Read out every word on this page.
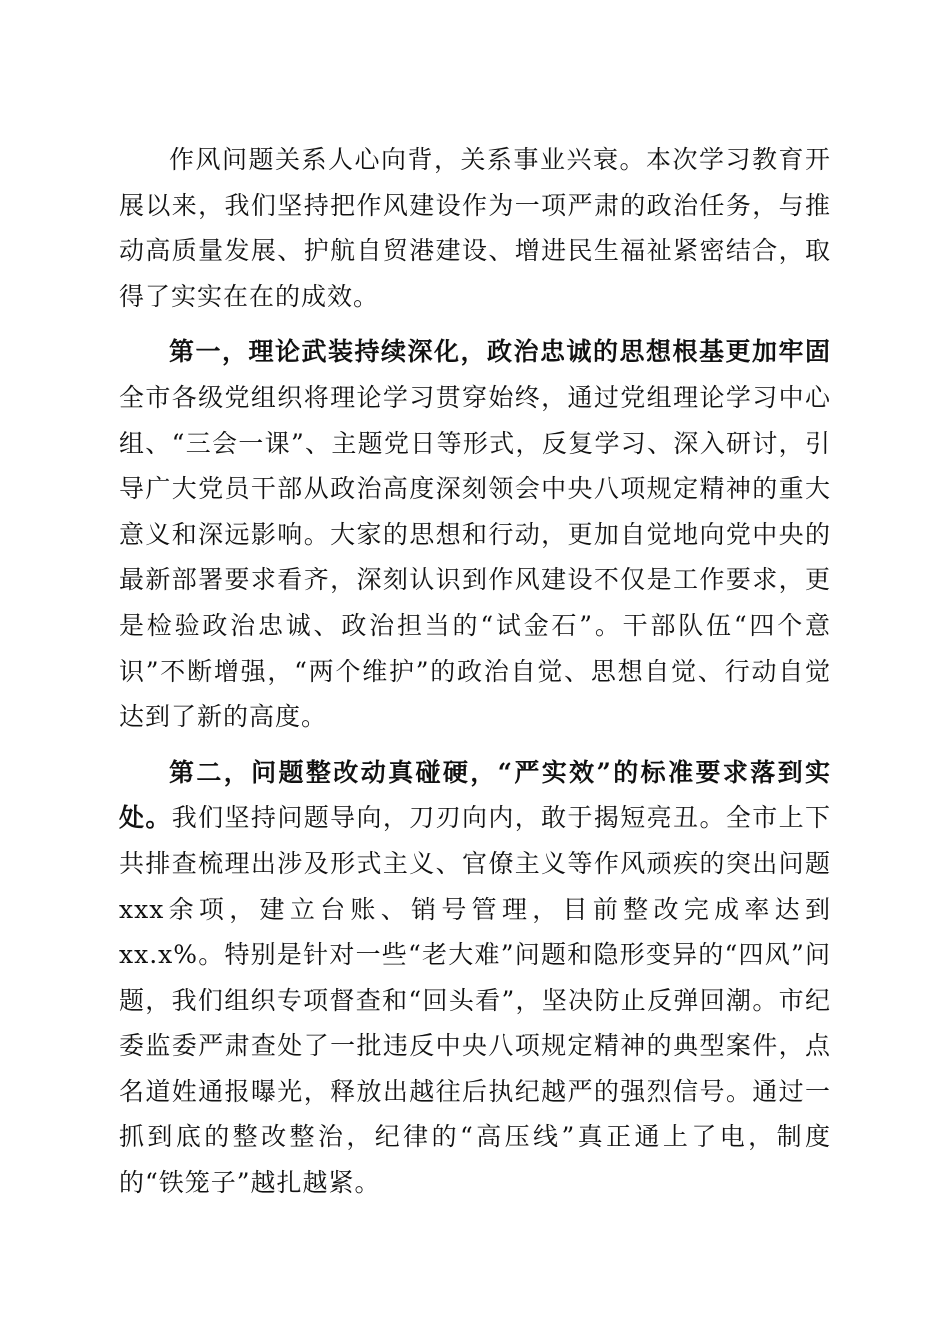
作风问题关系人心向背，关系事业兴衰。本次学习教育开展以来，我们坚持把作风建设作为一项严肃的政治任务，与推动高质量发展、护航自贸港建设、增进民生福祉紧密结合，取得了实实在在的成效。

第一，理论武装持续深化，政治忠诚的思想根基更加牢固全市各级党组织将理论学习贯穿始终，通过党组理论学习中心组、“三会一课”、主题党日等形式，反复学习、深入研讨，引导广大党员干部从政治高度深刻领会中央八项规定精神的重大意义和深远影响。大家的思想和行动，更加自觉地向党中央的最新部署要求看齐，深刻认识到作风建设不仅是工作要求，更是检验政治忠诚、政治担当的“试金石”。干部队伍“四个意识”不断增强，“两个维护”的政治自觉、思想自觉、行动自觉达到了新的高度。

第二，问题整改动真碰硬，“严实效”的标准要求落到实处。我们坚持问题导向，刀刃向内，敢于揭短亮丑。全市上下共排查梳理出涉及形式主义、官僚主义等作风顽疾的突出问题xxx余项，建立台账、销号管理，目前整改完成率达到xx.x%。特别是针对一些“老大难”问题和隐形变异的“四风”问题，我们组织专项督查和“回头看”，坚决防止反弹回潮。市纪委监委严肃查处了一批违反中央八项规定精神的典型案件，点名道姓通报曝光，释放出越往后执纪越严的强烈信号。通过一抓到底的整改整治，纪律的“高压线”真正通上了电，制度的“铁笼子”越扎越紧。
